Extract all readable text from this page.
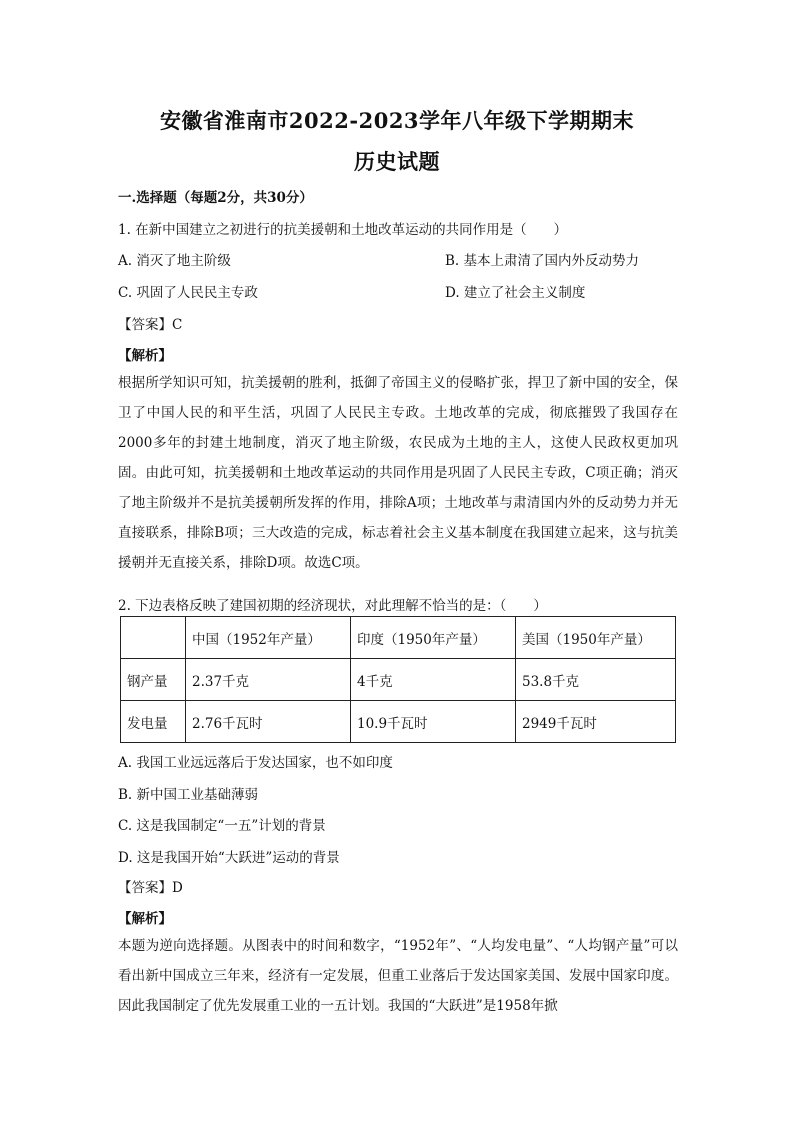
安徽省淮南市2022-2023学年八年级下学期期末
历史试题
一.选择题（每题2分，共30分）
1. 在新中国建立之初进行的抗美援朝和土地改革运动的共同作用是（　　）
A. 消灭了地主阶级	B. 基本上肃清了国内外反动势力
C. 巩固了人民民主专政	D. 建立了社会主义制度
【答案】C
【解析】
根据所学知识可知，抗美援朝的胜利，抵御了帝国主义的侵略扩张，捍卫了新中国的安全，保卫了中国人民的和平生活，巩固了人民民主专政。土地改革的完成，彻底摧毁了我国存在2000多年的封建土地制度，消灭了地主阶级，农民成为土地的主人，这使人民政权更加巩固。由此可知，抗美援朝和土地改革运动的共同作用是巩固了人民民主专政，C项正确；消灭了地主阶级并不是抗美援朝所发挥的作用，排除A项；土地改革与肃清国内外的反动势力并无直接联系，排除B项；三大改造的完成，标志着社会主义基本制度在我国建立起来，这与抗美援朝并无直接关系，排除D项。故选C项。
2. 下边表格反映了建国初期的经济现状，对此理解不恰当的是：（　　）
	中国（1952年产量）	印度（1950年产量）	美国（1950年产量）
钢产量	2.37千克	4千克	53.8千克
发电量	2.76千瓦时	10.9千瓦时	2949千瓦时
A. 我国工业远远落后于发达国家，也不如印度
B. 新中国工业基础薄弱
C. 这是我国制定“一五”计划的背景
D. 这是我国开始“大跃进”运动的背景
【答案】D
【解析】
本题为逆向选择题。从图表中的时间和数字，“1952年”、“人均发电量”、“人均钢产量”可以看出新中国成立三年来，经济有一定发展，但重工业落后于发达国家美国、发展中国家印度。因此我国制定了优先发展重工业的一五计划。我国的“大跃进”是1958年掀
